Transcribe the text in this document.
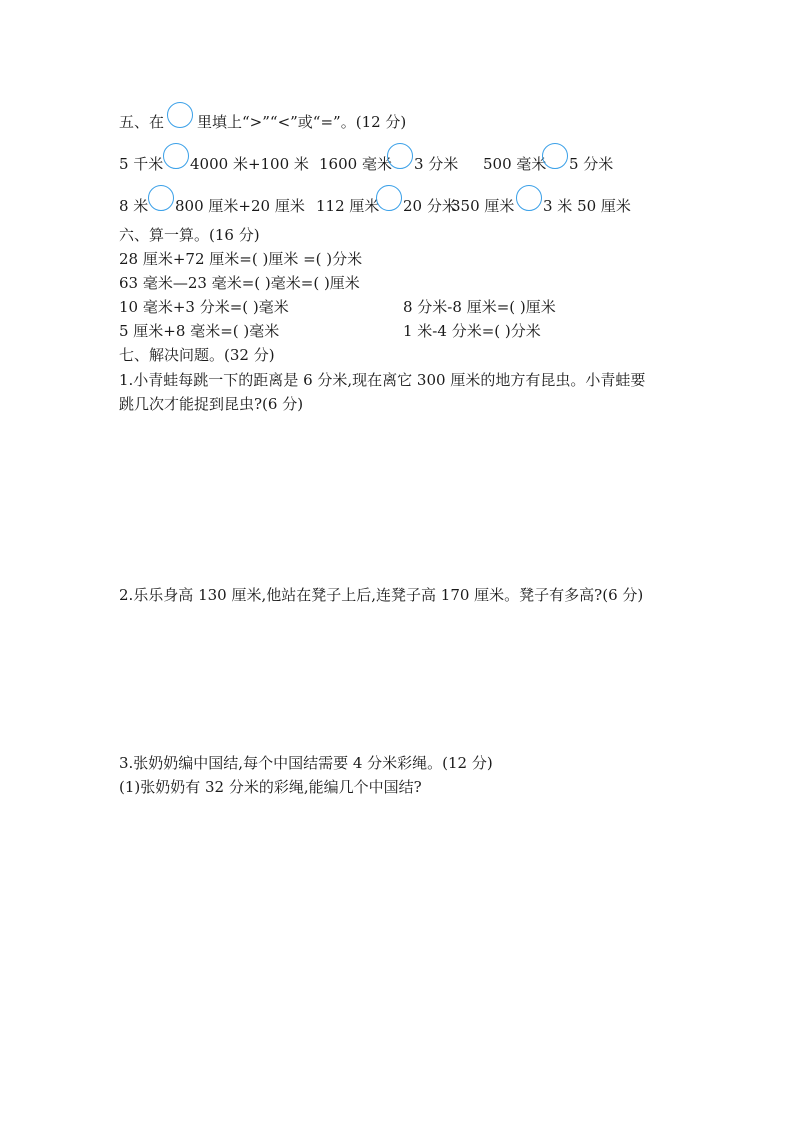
五、在 里填上“>”“<”或“=”。(12 分)
5 千米 4000 米+100 米 1600 毫米 3 分米 500 毫米 5 分米
8 米 800 厘米+20 厘米 112 厘米 20 分米
350 厘米 3 米 50 厘米
六、算一算。(16 分)
28 厘米+72 厘米=( )厘米 =( )分米
63 毫米—23 毫米=( )毫米=( )厘米
10 毫米+3 分米=( )毫米	8 分米-8 厘米=( )厘米
5 厘米+8 毫米=( )毫米	1 米-4 分米=( )分米
七、解决问题。(32 分)
1.小青蛙每跳一下的距离是 6 分米,现在离它 300 厘米的地方有昆虫。小青蛙要
跳几次才能捉到昆虫?(6 分)
2.乐乐身高 130 厘米,他站在凳子上后,连凳子高 170 厘米。凳子有多高?(6 分)
3.张奶奶编中国结,每个中国结需要 4 分米彩绳。(12 分)
(1)张奶奶有 32 分米的彩绳,能编几个中国结?
